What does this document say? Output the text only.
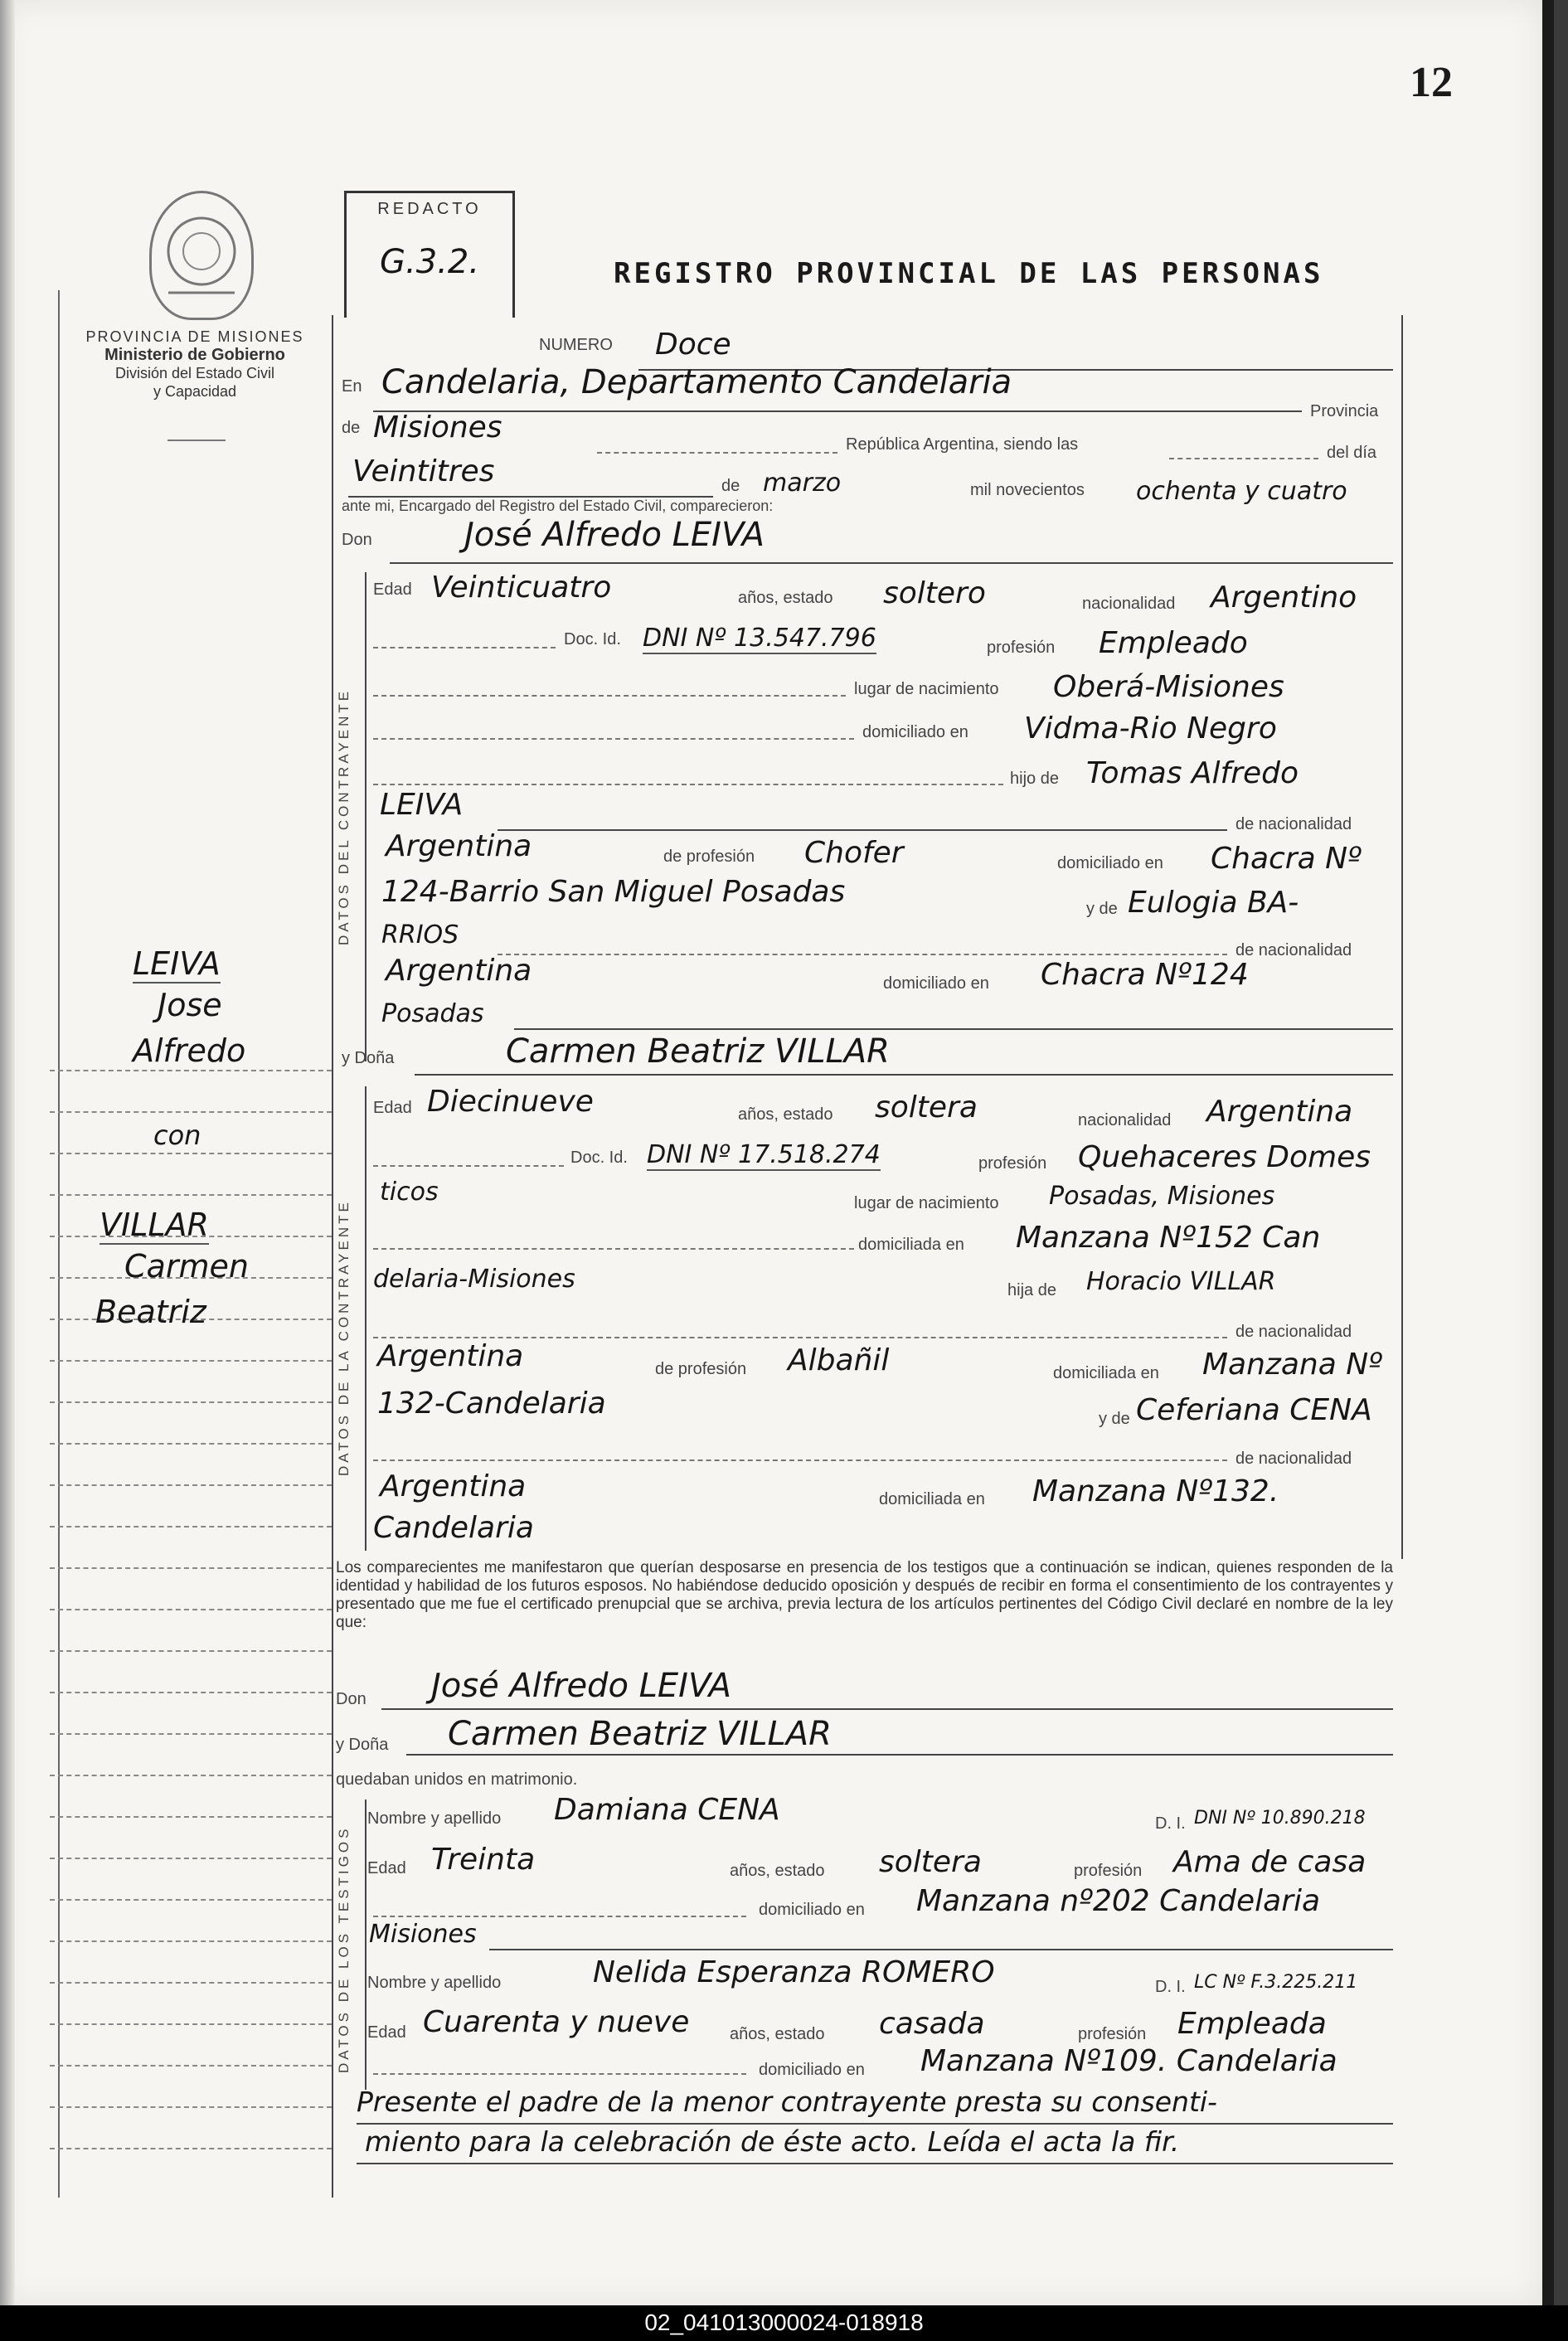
12
PROVINCIA DE MISIONES
Ministerio de Gobierno
División del Estado Civil
y Capacidad
REDACTO
G.3.2.	REGISTRO PROVINCIAL DE LAS PERSONAS
LEIVA
Jose
Alfredo
con
VILLAR
Carmen
Beatriz
NUMERO Doce
En Candelaria, Departamento Candelaria
Provincia
de Misiones	República Argentina, siendo las	del día
Veintitres	de marzo	mil novecientos ochenta y cuatro
ante mi, Encargado del Registro del Estado Civil, comparecieron:
Don	José Alfredo LEIVA
DATOS DEL CONTRAYENTE
Edad Veinticuatro	años, estado soltero	nacionalidad Argentino
Doc. Id. DNI Nº 13.547.796	profesión Empleado
lugar de nacimiento Oberá-Misiones
domiciliado en Vidma-Rio Negro
hijo de Tomas Alfredo
LEIVA
de nacionalidad
Argentina	de profesión Chofer	domiciliado en Chacra Nº
124-Barrio San Miguel Posadas	y de Eulogia BA-
RRIOS
de nacionalidad
Argentina	domiciliado en Chacra Nº124
Posadas
y Doña	Carmen Beatriz VILLAR
DATOS DE LA CONTRAYENTE
Edad Diecinueve	años, estado soltera	nacionalidad Argentina
Doc. Id. DNI Nº 17.518.274	profesión Quehaceres Domes
ticos	lugar de nacimiento Posadas, Misiones
domiciliada en Manzana Nº152 Can
delaria-Misiones	hija de Horacio VILLAR
de nacionalidad
Argentina	de profesión Albañil	domiciliada en Manzana Nº
132-Candelaria	y de Ceferiana CENA
de nacionalidad
Argentina	domiciliada en Manzana Nº132.
Candelaria
Los comparecientes me manifestaron que querían desposarse en presencia de los testigos que a continuación se indican, quienes responden de la identidad y habilidad de los futuros esposos. No habiéndose deducido oposición y después de recibir en forma el consentimiento de los contrayentes y presentado que me fue el certificado prenupcial que se archiva, previa lectura de los artículos pertinentes del Código Civil declaré en nombre de la ley que:
Don José Alfredo LEIVA
y Doña Carmen Beatriz VILLAR
quedaban unidos en matrimonio.
DATOS DE LOS TESTIGOS
Nombre y apellido Damiana CENA	D. I. DNI Nº 10.890.218
Edad Treinta	años, estado soltera	profesión Ama de casa
domiciliado en Manzana nº202 Candelaria
Misiones
Nombre y apellido	Nelida Esperanza ROMERO	D. I. LC Nº F.3.225.211
Edad Cuarenta y nueve años, estado casada	profesión Empleada
domiciliado en Manzana Nº109. Candelaria
Presente el padre de la menor contrayente presta su consenti-
miento para la celebración de éste acto. Leída el acta la fir.
02_041013000024-018918
